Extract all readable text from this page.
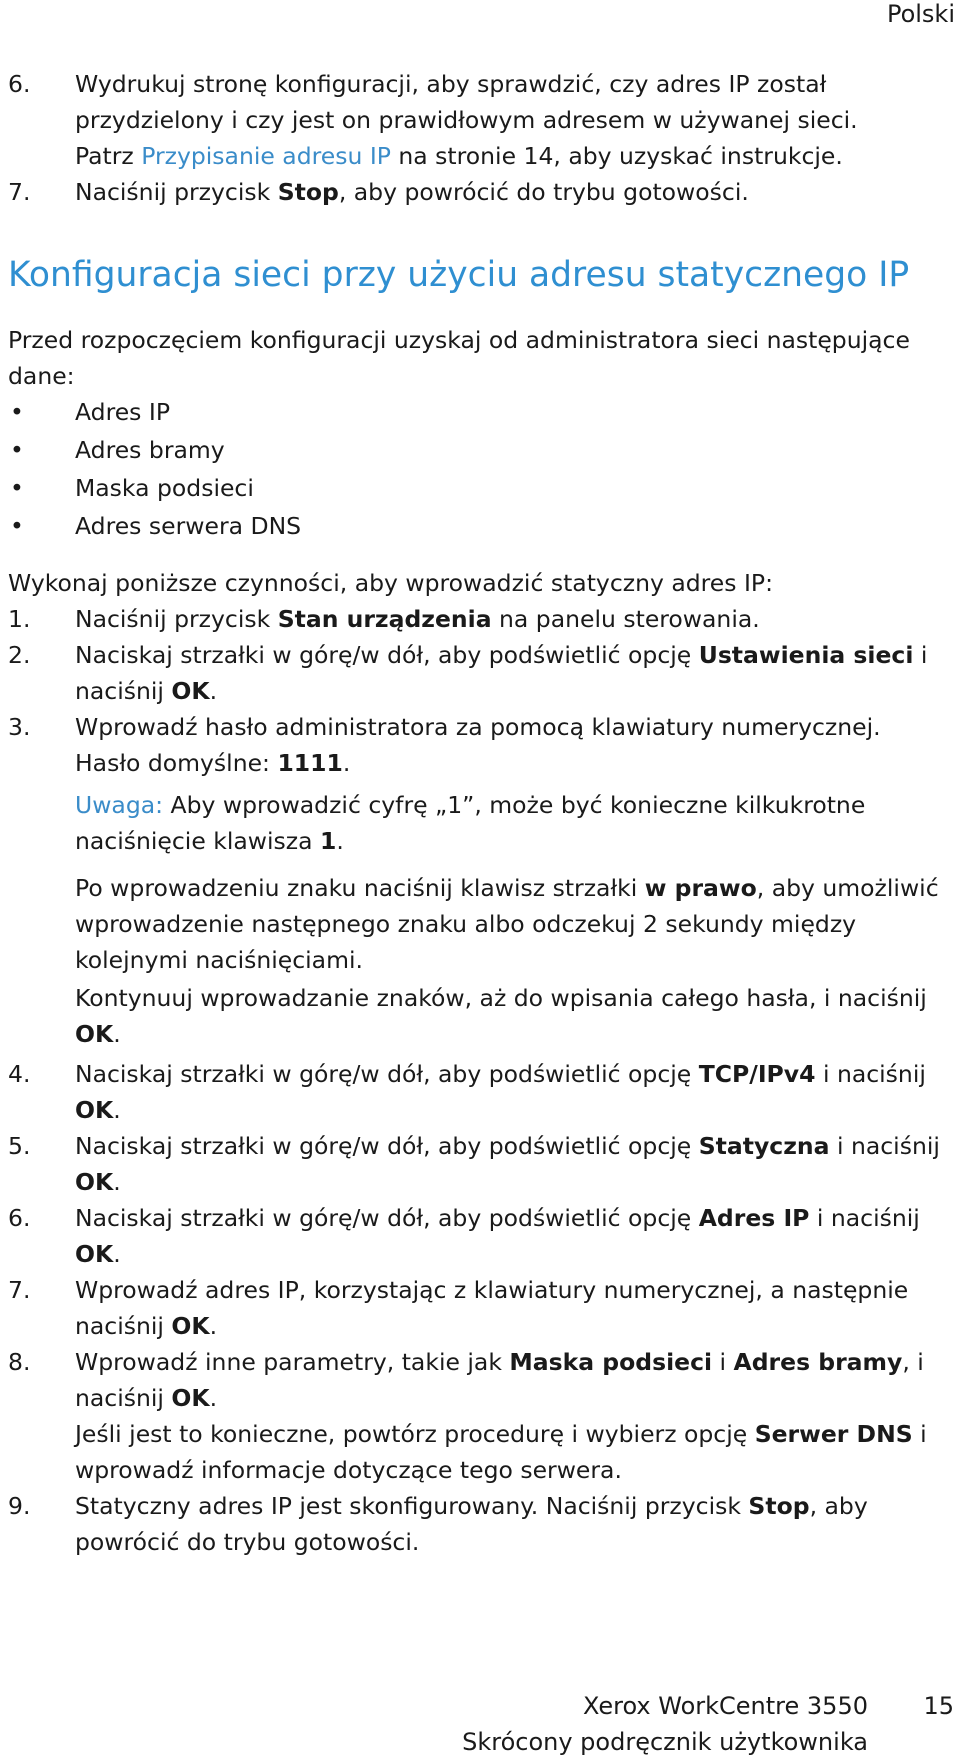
Polski
6.	Wydrukuj stronę konfiguracji, aby sprawdzić, czy adres IP został
przydzielony i czy jest on prawidłowym adresem w używanej sieci.
Patrz Przypisanie adresu IP na stronie 14, aby uzyskać instrukcje.
7.	Naciśnij przycisk Stop, aby powrócić do trybu gotowości.
Konfiguracja sieci przy użyciu adresu statycznego IP
Przed rozpoczęciem konfiguracji uzyskaj od administratora sieci następujące
dane:
•	Adres IP
•	Adres bramy
•	Maska podsieci
•	Adres serwera DNS
Wykonaj poniższe czynności, aby wprowadzić statyczny adres IP:
1.	Naciśnij przycisk Stan urządzenia na panelu sterowania.
2.	Naciskaj strzałki w górę/w dół, aby podświetlić opcję Ustawienia sieci i
naciśnij OK.
3.	Wprowadź hasło administratora za pomocą klawiatury numerycznej.
Hasło domyślne: 1111.
Uwaga: Aby wprowadzić cyfrę „1”, może być konieczne kilkukrotne
naciśnięcie klawisza 1.
Po wprowadzeniu znaku naciśnij klawisz strzałki w prawo, aby umożliwić
wprowadzenie następnego znaku albo odczekuj 2 sekundy między
kolejnymi naciśnięciami.
Kontynuuj wprowadzanie znaków, aż do wpisania całego hasła, i naciśnij
OK.
4.	Naciskaj strzałki w górę/w dół, aby podświetlić opcję TCP/IPv4 i naciśnij
OK.
5.	Naciskaj strzałki w górę/w dół, aby podświetlić opcję Statyczna i naciśnij
OK.
6.	Naciskaj strzałki w górę/w dół, aby podświetlić opcję Adres IP i naciśnij
OK.
7.	Wprowadź adres IP, korzystając z klawiatury numerycznej, a następnie
naciśnij OK.
8.	Wprowadź inne parametry, takie jak Maska podsieci i Adres bramy, i
naciśnij OK.
Jeśli jest to konieczne, powtórz procedurę i wybierz opcję Serwer DNS i
wprowadź informacje dotyczące tego serwera.
9.	Statyczny adres IP jest skonfigurowany. Naciśnij przycisk Stop, aby
powrócić do trybu gotowości.
Xerox WorkCentre 3550 15
Skrócony podręcznik użytkownika
